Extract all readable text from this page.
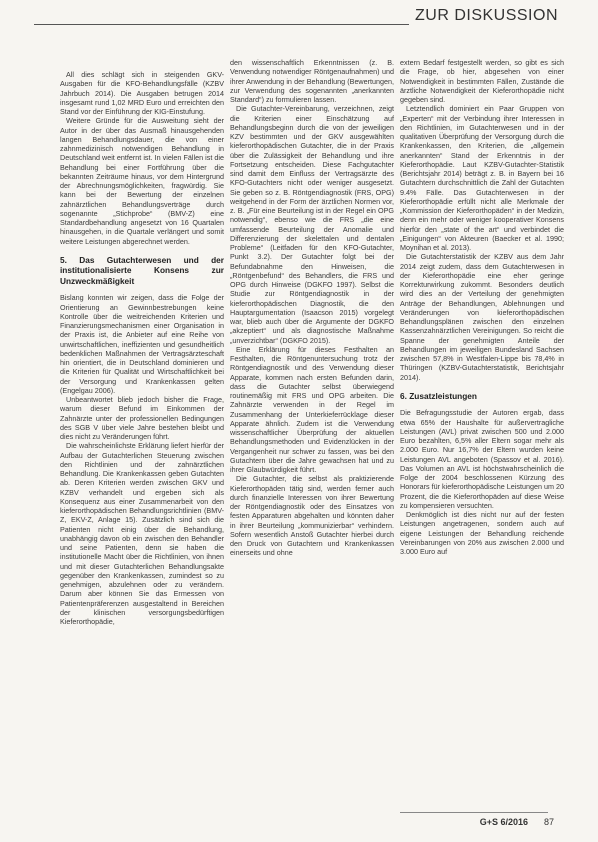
ZUR DISKUSSION

All dies schlägt sich in steigenden GKV-Ausgaben für die KFO-Behandlungsfälle (KZBV Jahrbuch 2014). Die Ausgaben betrugen 2014 insgesamt rund 1,02 MRD Euro und erreichten den Stand vor der Einführung der KIG-Einstufung.

Weitere Gründe für die Ausweitung sieht der Autor in der über das Ausmaß hinausgehenden langen Behandlungsdauer, die von einer zahnmedizinisch notwendigen Behandlung in Deutschland weit entfernt ist. In vielen Fällen ist die Behandlung bei einer Fortführung über die bekannten Zeiträume hinaus, vor dem Hintergrund der Abrechnungsmöglichkeiten, fragwürdig. Sie kann bei der Bewertung der einzelnen zahnärztlichen Behandlungsverträge durch sogenannte „Stichprobe“ (BMV-Z) eine Standardbehandlung angesetzt von 16 Quartalen hinausgehen, in die Quartale verlängert und somit weitere Leistungen abgerechnet werden.

5. Das Gutachterwesen und der institutionalisierte Konsens zur Unzweckmäßigkeit

Bislang konnten wir zeigen, dass die Folge der Orientierung an Gewinnbestrebungen keine Kontrolle über die weitreichenden Kriterien und Finanzierungsmechanismen einer Organisation in der Praxis ist, die Anbieter auf eine Reihe von unwirtschaftlichen, ineffizienten und gesundheitlich bedenklichen Maßnahmen der Vertragsärzteschaft hin orientiert, die in Deutschland dominieren und die Kriterien für Qualität und Wirtschaftlichkeit bei der Versorgung und Krankenkassen gelten (Engelgau 2006).

Unbeantwortet blieb jedoch bisher die Frage, warum dieser Befund im Einkommen der Zahnärzte unter der professionellen Bedingungen des SGB V über viele Jahre bestehen bleibt und dies nicht zu Veränderungen führt.

Die wahrscheinlichste Erklärung liefert hierfür der Aufbau der Gutachterlichen Steuerung zwischen den Richtlinien und der zahnärztlichen Behandlung. Die Krankenkassen geben Gutachten ab. Deren Kriterien werden zwischen GKV und KZBV verhandelt und ergeben sich als Konsequenz aus einer Zusammenarbeit von den kieferorthopädischen Behandlungsrichtlinien (BMV-Z, EKV-Z, Anlage 15). Zusätzlich sind sich die Patienten nicht einig über die Behandlung, unabhängig davon ob ein zwischen den Behandler und seine Patienten, denn sie haben die institutionelle Macht über die Richtlinien, von ihnen und mit dieser Gutachterlichen Behandlungsakte gegenüber den Krankenkassen, zumindest so zu genehmigen, abzulehnen oder zu verändern. Darum aber können Sie das Ermessen von Patientenpräferenzen ausgestaltend in Bereichen der klinischen versorgungsbedürftigen Kieferorthopädie,

den wissenschaftlich Erkenntnissen (z. B. Verwendung notwendiger Röntgenaufnahmen) und ihrer Anwendung in der Behandlung (Bewertungen, zur Verwendung des sogenannten „anerkannten Standard“) zu formulieren lassen.

Die Gutachter-Vereinbarung, verzeichnen, zeigt die Kriterien einer Einschätzung auf Behandlungsbeginn durch die von der jeweiligen KZV bestimmten und der GKV ausgewählten kieferorthopädischen Gutachter, die in der Praxis über die Zulässigkeit der Behandlung und ihre Fortsetzung entscheiden. Diese Fachgutachter sind damit dem Einfluss der Vertragsärzte des KFO-Gutachters nicht oder weniger ausgesetzt. Sie geben so z. B. Röntgendiagnostik (FRS, OPG) weitgehend in der Form der ärztlichen Normen vor, z. B. „Für eine Beurteilung ist in der Regel ein OPG notwendig“, ebenso wie die FRS „die eine umfassende Beurteilung der Anomalie und Differenzierung der skelettalen und dentalen Probleme“ (Leitfaden für den KFO-Gutachter, Punkt 3.2). Der Gutachter folgt bei der Befundabnahme den Hinweisen, die „Röntgenbefund“ des Behandlers, die FRS und OPG durch Hinweise (DGKFO 1997). Selbst die Studie zur Röntgendiagnostik in der kieferorthopädischen Diagnostik, die den Hauptargumentation (Isaacson 2015) vorgelegt war, blieb auch über die Argumente der DGKFO „akzeptiert“ und als diagnostische Maßnahme „unverzichtbar“ (DGKFO 2015).

Eine Erklärung für dieses Festhalten an Festhalten, die Röntgenuntersuchung trotz der Röntgendiagnostik und des Verwendung dieser Apparate, kommen nach ersten Befunden darin, dass die Gutachter selbst überwiegend routinemäßig mit FRS und OPG arbeiten. Die Zahnärzte verwenden in der Regel im Zusammenhang der Unterkieferrücklage dieser Apparate ähnlich. Zudem ist die Verwendung wissenschaftlicher Überprüfung der aktuellen Behandlungsmethoden und Evidenzlücken in der Vergangenheit nur schwer zu fassen, was bei den Gutachtern über die Jahre gewachsen hat und zu ihrer Glaubwürdigkeit führt.

Die Gutachter, die selbst als praktizierende Kieferorthopäden tätig sind, werden ferner auch durch finanzielle Interessen von ihrer Bewertung der Röntgendiagnostik oder des Einsatzes von festen Apparaturen abgehalten und könnten daher in ihrer Beurteilung „kommunizierbar“ verhindern. Sofern wesentlich Anstoß Gutachter hierbei durch den Druck von Gutachtern und Krankenkassen einerseits und ohne

extern Bedarf festgestellt werden, so gibt es sich die Frage, ob hier, abgesehen von einer Notwendigkeit in bestimmten Fällen, Zustände die ärztliche Notwendigkeit der Kieferorthopädie nicht gegeben sind.

Letztendlich dominiert ein Paar Gruppen von „Experten“ mit der Verbindung ihrer Interessen in den Richtlinien, im Gutachterwesen und in der qualitativen Überprüfung der Versorgung durch die Krankenkassen, den Kriterien, die „allgemein anerkannten“ Stand der Erkenntnis in der Kieferorthopädie. Laut KZBV-Gutachter-Statistik (Berichtsjahr 2014) beträgt z. B. in Bayern bei 16 Gutachtern durchschnittlich die Zahl der Gutachten 9.4% Fälle. Das Gutachterwesen in der Kieferorthopädie erfüllt nicht alle Merkmale der „Kommission der Kieferorthopäden“ in der Medizin, denn ein mehr oder weniger kooperativer Konsens hierfür den „state of the art“ und verbindet die „Einigungen“ von Akteuren (Baecker et al. 1990; Moynihan et al. 2013).

Die Gutachterstatistik der KZBV aus dem Jahr 2014 zeigt zudem, dass dem Gutachterwesen in der Kieferorthopädie eine eher geringe Korrekturwirkung zukommt. Besonders deutlich wird dies an der Verteilung der genehmigten Anträge der Behandlungen, Ablehnungen und Veränderungen von kieferorthopädischen Behandlungsplänen zwischen den einzelnen Kassenzahnärztlichen Vereinigungen. So reicht die Spanne der genehmigten Anteile der Behandlungen im jeweiligen Bundesland Sachsen zwischen 57,8% in Westfalen-Lippe bis 78,4% in Thüringen (KZBV-Gutachterstatistik, Berichtsjahr 2014).

6. Zusatzleistungen

Die Befragungsstudie der Autoren ergab, dass etwa 65% der Haushalte für außervertragliche Leistungen (AVL) privat zwischen 500 und 2.000 Euro bezahlten, 6,5% aller Eltern sogar mehr als 2.000 Euro. Nur 16,7% der Eltern wurden keine Leistungen AVL angeboten (Spassov et al. 2016). Das Volumen an AVL ist höchstwahrscheinlich die Folge der 2004 beschlossenen Kürzung des Honorars für kieferorthopädische Leistungen um 20 Prozent, die die Kieferorthopäden auf diese Weise zu kompensieren versuchten.

Denkmöglich ist dies nicht nur auf der festen Leistungen angetragenen, sondern auch auf eigene Leistungen der Behandlung reichende Vereinbarungen von 20% aus zwischen 2.000 und 3.000 Euro auf

G+S 6/2016 87
